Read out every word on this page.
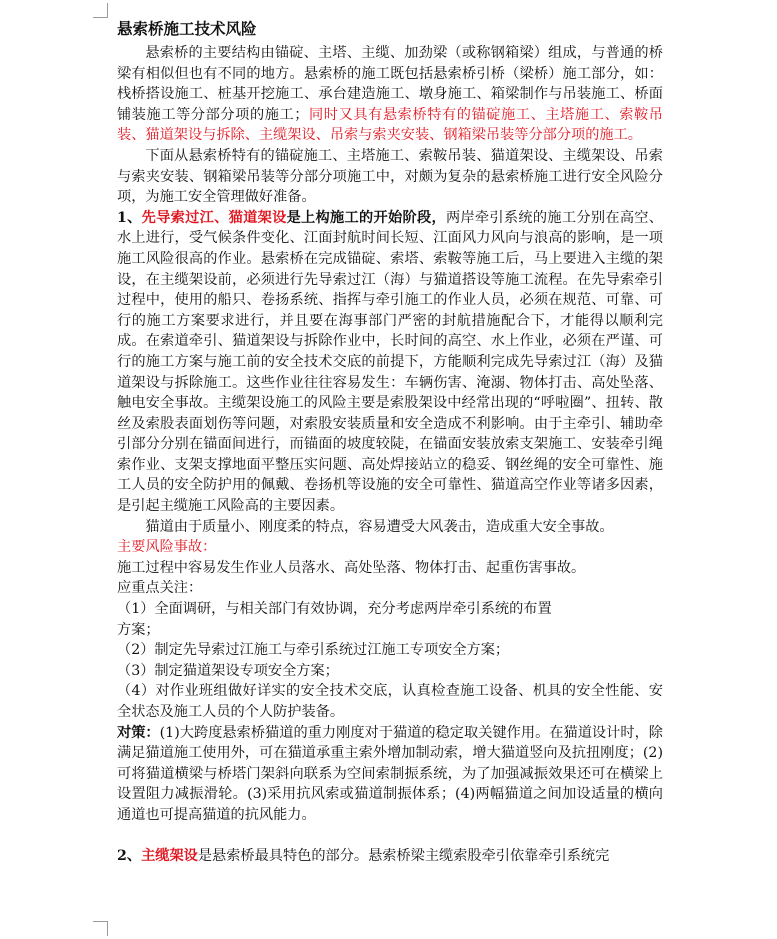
悬索桥施工技术风险

悬索桥的主要结构由锚碇、主塔、主缆、加劲梁（或称钢箱梁）组成，与普通的桥梁有相似但也有不同的地方。悬索桥的施工既包括悬索桥引桥（梁桥）施工部分，如：栈桥搭设施工、桩基开挖施工、承台建造施工、墩身施工、箱梁制作与吊装施工、桥面铺装施工等分部分项的施工；同时又具有悬索桥特有的锚碇施工、主塔施工、索鞍吊装、猫道架设与拆除、主缆架设、吊索与索夹安装、钢箱梁吊装等分部分项的施工。

下面从悬索桥特有的锚碇施工、主塔施工、索鞍吊装、猫道架设、主缆架设、吊索与索夹安装、钢箱梁吊装等分部分项施工中，对颇为复杂的悬索桥施工进行安全风险分项，为施工安全管理做好准备。

1、先导索过江、猫道架设是上构施工的开始阶段，两岸牵引系统的施工分别在高空、水上进行，受气候条件变化、江面封航时间长短、江面风力风向与浪高的影响，是一项施工风险很高的作业。悬索桥在完成锚碇、索塔、索鞍等施工后，马上要进入主缆的架设，在主缆架设前，必须进行先导索过江（海）与猫道搭设等施工流程。在先导索牵引过程中，使用的船只、卷扬系统、指挥与牵引施工的作业人员，必须在规范、可靠、可行的施工方案要求进行，并且要在海事部门严密的封航措施配合下，才能得以顺利完成。在索道牵引、猫道架设与拆除作业中，长时间的高空、水上作业，必须在严谨、可行的施工方案与施工前的安全技术交底的前提下，方能顺利完成先导索过江（海）及猫道架设与拆除施工。这些作业往往容易发生：车辆伤害、淹溺、物体打击、高处坠落、触电安全事故。主缆架设施工的风险主要是索股架设中经常出现的“呼啦圈”、扭转、散丝及索股表面划伤等问题，对索股安装质量和安全造成不利影响。由于主牵引、辅助牵引部分分别在锚面间进行，而锚面的坡度较陡，在锚面安装放索支架施工、安装牵引绳索作业、支架支撑地面平整压实问题、高处焊接站立的稳妥、钢丝绳的安全可靠性、施工人员的安全防护用的佩戴、卷扬机等设施的安全可靠性、猫道高空作业等诸多因素，是引起主缆施工风险高的主要因素。

猫道由于质量小、刚度柔的特点，容易遭受大风袭击，造成重大安全事故。

主要风险事故：

施工过程中容易发生作业人员落水、高处坠落、物体打击、起重伤害事故。

应重点关注：

（1）全面调研，与相关部门有效协调，充分考虑两岸牵引系统的布置

方案；

（2）制定先导索过江施工与牵引系统过江施工专项安全方案；

（3）制定猫道架设专项安全方案；

（4）对作业班组做好详实的安全技术交底，认真检查施工设备、机具的安全性能、安全状态及施工人员的个人防护装备。

对策：(1)大跨度悬索桥猫道的重力刚度对于猫道的稳定取关键作用。在猫道设计时，除满足猫道施工使用外，可在猫道承重主索外增加制动索，增大猫道竖向及抗扭刚度；(2)可将猫道横梁与桥塔门架斜向联系为空间索制振系统，为了加强减振效果还可在横梁上设置阻力减振滑轮。(3)采用抗风索或猫道制振体系；(4)两幅猫道之间加设适量的横向通道也可提高猫道的抗风能力。

2、主缆架设是悬索桥最具特色的部分。悬索桥梁主缆索股牵引依靠牵引系统完
